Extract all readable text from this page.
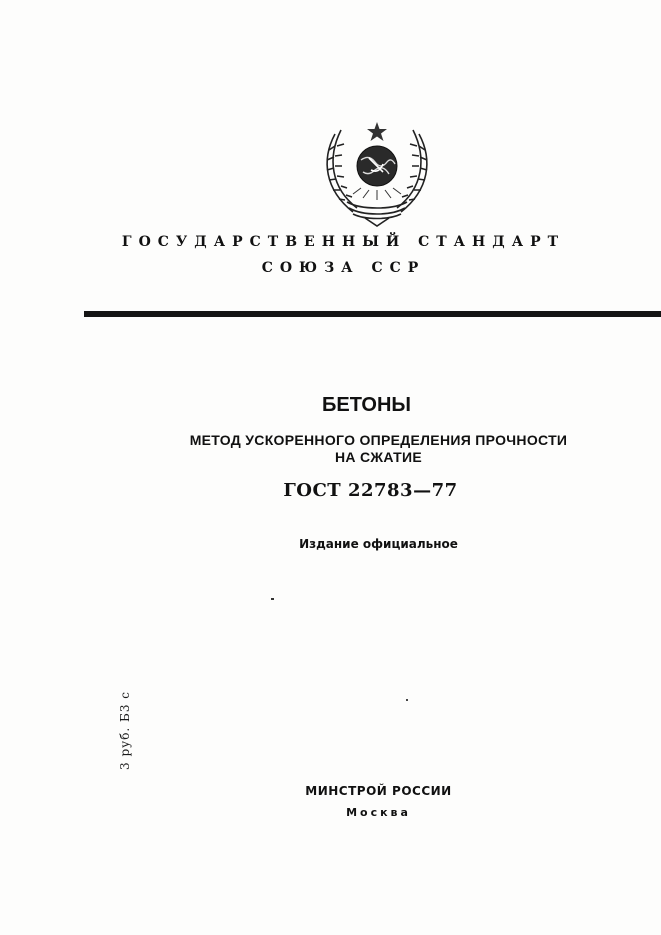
ГОСУДАРСТВЕННЫЙ СТАНДАРТ
СОЮЗА ССР
БЕТОНЫ
МЕТОД УСКОРЕННОГО ОПРЕДЕЛЕНИЯ ПРОЧНОСТИ
НА СЖАТИЕ
ГОСТ 22783—77
Издание официальное
3 руб. Б3 с
МИНСТРОЙ РОССИИ
Москва
